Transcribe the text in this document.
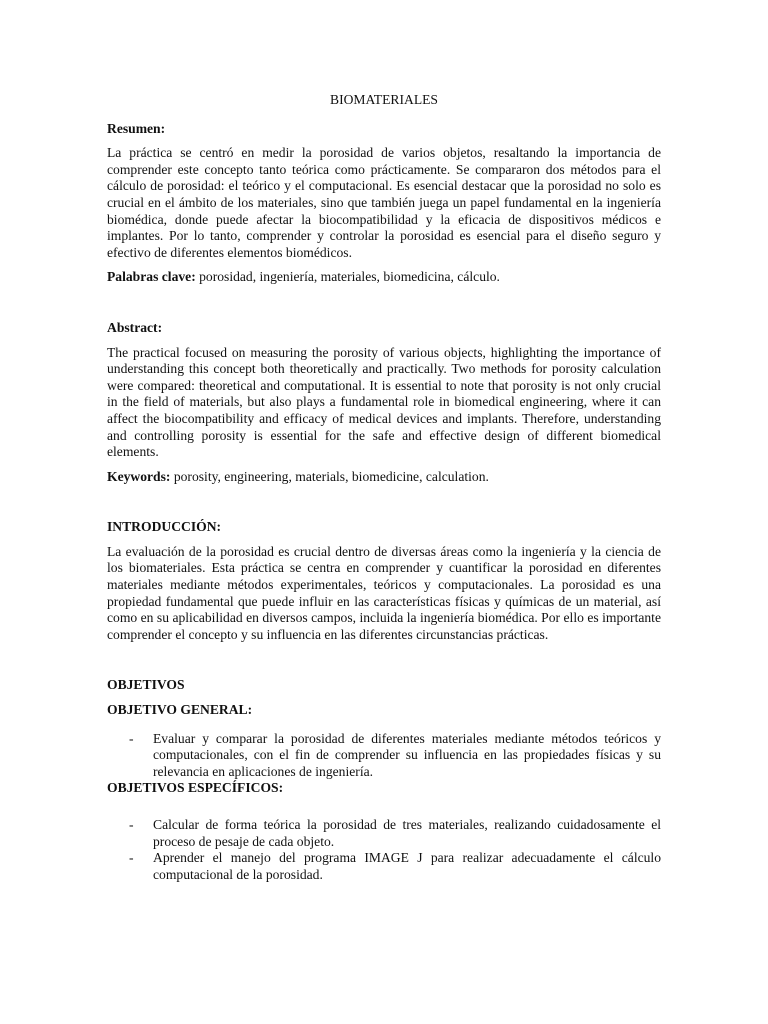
BIOMATERIALES

Resumen:

La práctica se centró en medir la porosidad de varios objetos, resaltando la importancia de comprender este concepto tanto teórica como prácticamente. Se compararon dos métodos para el cálculo de porosidad: el teórico y el computacional. Es esencial destacar que la porosidad no solo es crucial en el ámbito de los materiales, sino que también juega un papel fundamental en la ingeniería biomédica, donde puede afectar la biocompatibilidad y la eficacia de dispositivos médicos e implantes. Por lo tanto, comprender y controlar la porosidad es esencial para el diseño seguro y efectivo de diferentes elementos biomédicos.

Palabras clave: porosidad, ingeniería, materiales, biomedicina, cálculo.

Abstract:

The practical focused on measuring the porosity of various objects, highlighting the importance of understanding this concept both theoretically and practically. Two methods for porosity calculation were compared: theoretical and computational. It is essential to note that porosity is not only crucial in the field of materials, but also plays a fundamental role in biomedical engineering, where it can affect the biocompatibility and efficacy of medical devices and implants. Therefore, understanding and controlling porosity is essential for the safe and effective design of different biomedical elements.

Keywords: porosity, engineering, materials, biomedicine, calculation.

INTRODUCCIÓN:

La evaluación de la porosidad es crucial dentro de diversas áreas como la ingeniería y la ciencia de los biomateriales. Esta práctica se centra en comprender y cuantificar la porosidad en diferentes materiales mediante métodos experimentales, teóricos y computacionales. La porosidad es una propiedad fundamental que puede influir en las características físicas y químicas de un material, así como en su aplicabilidad en diversos campos, incluida la ingeniería biomédica. Por ello es importante comprender el concepto y su influencia en las diferentes circunstancias prácticas.

OBJETIVOS

OBJETIVO GENERAL:

- Evaluar y comparar la porosidad de diferentes materiales mediante métodos teóricos y computacionales, con el fin de comprender su influencia en las propiedades físicas y su relevancia en aplicaciones de ingeniería.

OBJETIVOS ESPECÍFICOS:

- Calcular de forma teórica la porosidad de tres materiales, realizando cuidadosamente el proceso de pesaje de cada objeto.
- Aprender el manejo del programa IMAGE J para realizar adecuadamente el cálculo computacional de la porosidad.
